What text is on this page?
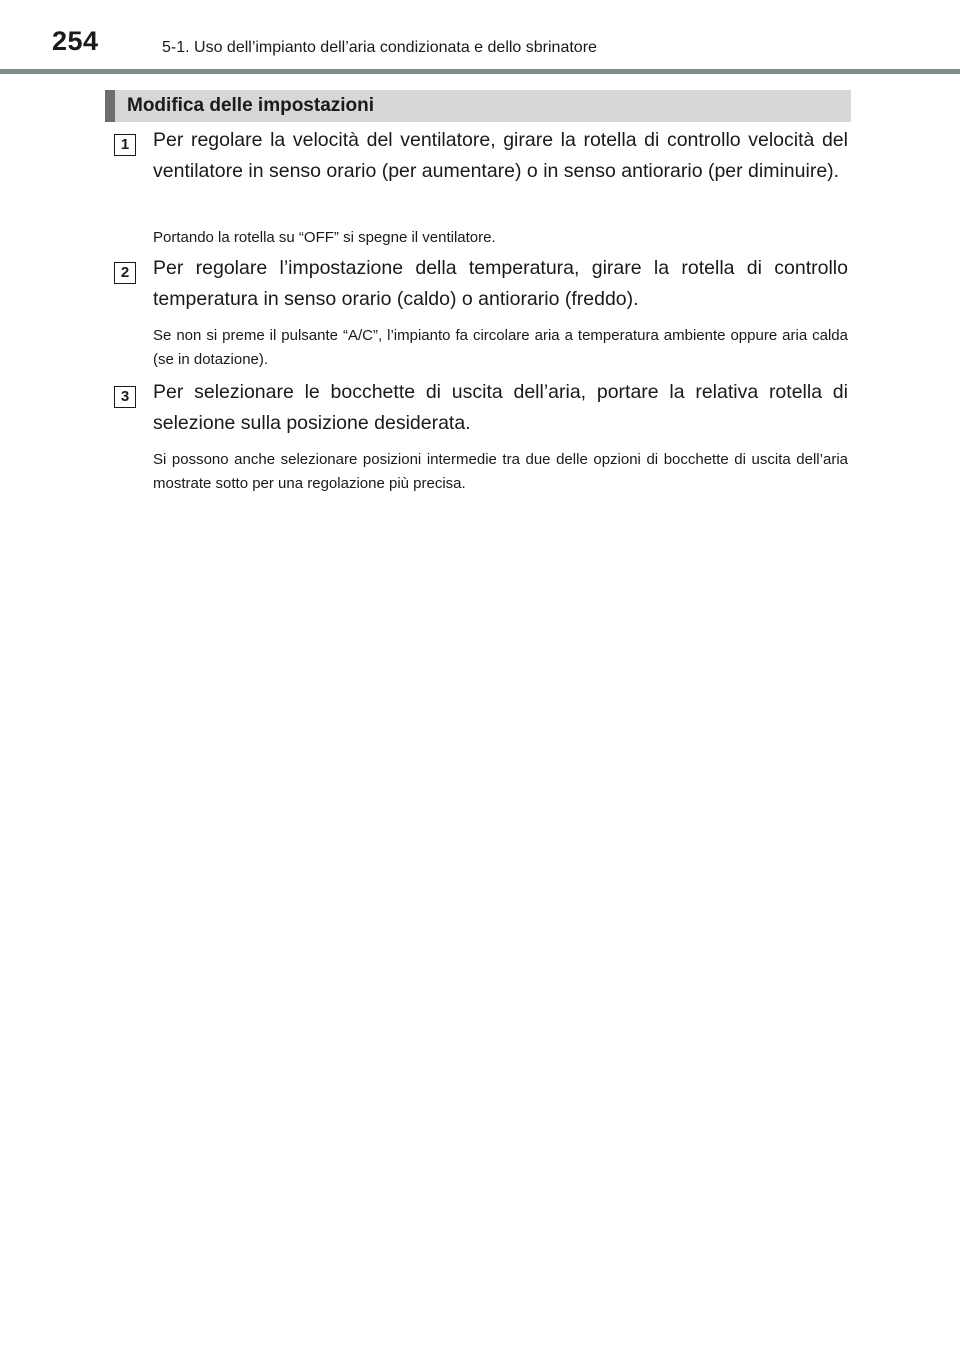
254	5-1. Uso dell’impianto dell’aria condizionata e dello sbrinatore
Modifica delle impostazioni
1	Per regolare la velocità del ventilatore, girare la rotella di controllo velocità del ventilatore in senso orario (per aumentare) o in senso antiorario (per diminuire).
Portando la rotella su “OFF” si spegne il ventilatore.
2	Per regolare l’impostazione della temperatura, girare la rotella di controllo temperatura in senso orario (caldo) o antiorario (freddo).
Se non si preme il pulsante “A/C”, l’impianto fa circolare aria a temperatura ambiente oppure aria calda (se in dotazione).
3	Per selezionare le bocchette di uscita dell’aria, portare la relativa rotella di selezione sulla posizione desiderata.
Si possono anche selezionare posizioni intermedie tra due delle opzioni di bocchette di uscita dell’aria mostrate sotto per una regolazione più precisa.
